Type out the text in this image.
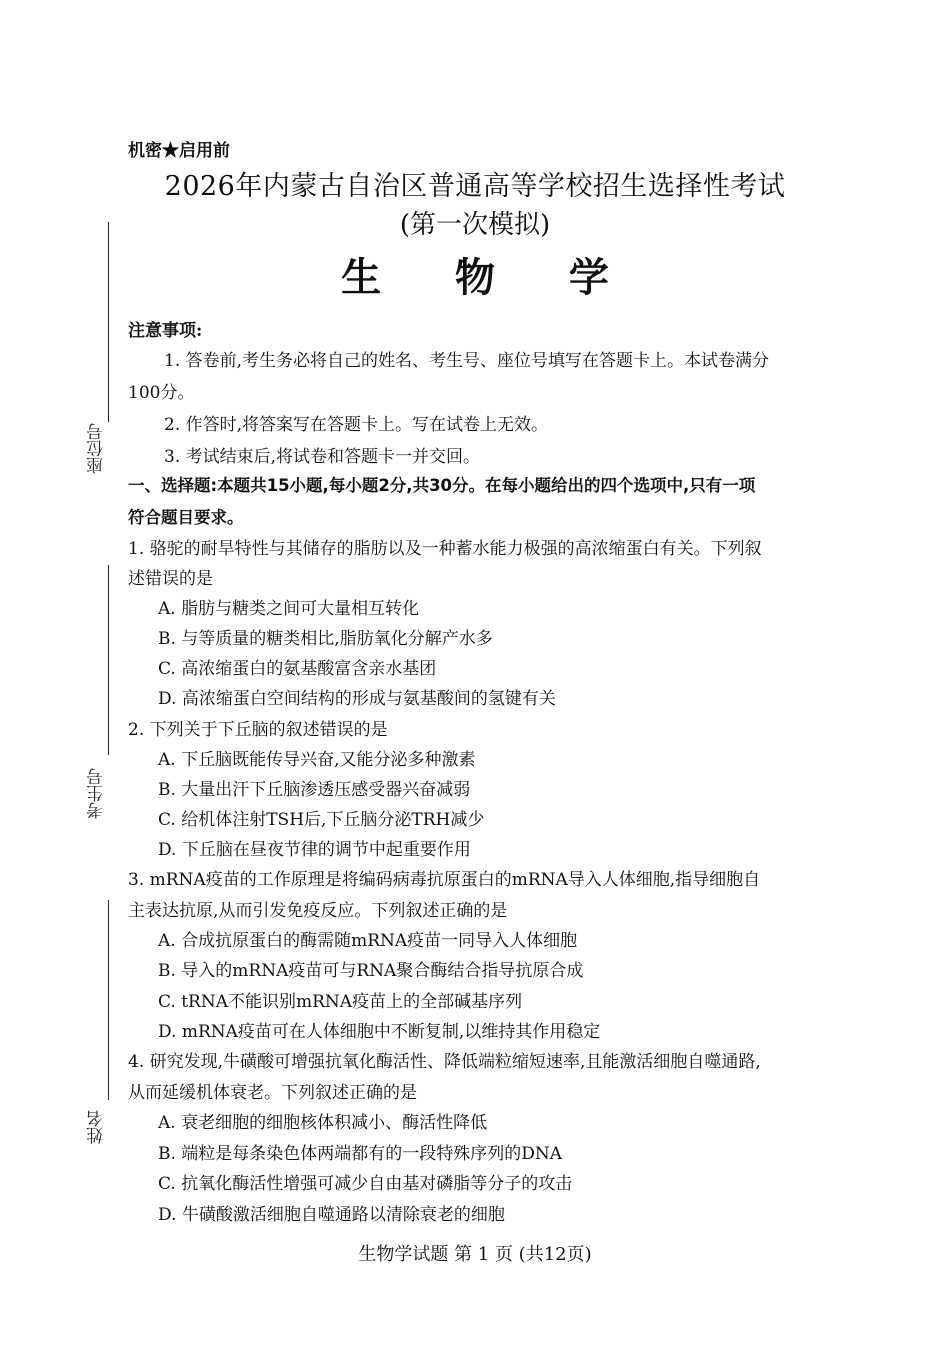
座位号
考生号
姓名
机密★启用前
2026年内蒙古自治区普通高等学校招生选择性考试
(第一次模拟)
生 物 学
注意事项:
1. 答卷前,考生务必将自己的姓名、考生号、座位号填写在答题卡上。本试卷满分
100分。
2. 作答时,将答案写在答题卡上。写在试卷上无效。
3. 考试结束后,将试卷和答题卡一并交回。
一、选择题:本题共15小题,每小题2分,共30分。在每小题给出的四个选项中,只有一项
符合题目要求。
1. 骆驼的耐旱特性与其储存的脂肪以及一种蓄水能力极强的高浓缩蛋白有关。下列叙
述错误的是
A. 脂肪与糖类之间可大量相互转化
B. 与等质量的糖类相比,脂肪氧化分解产水多
C. 高浓缩蛋白的氨基酸富含亲水基团
D. 高浓缩蛋白空间结构的形成与氨基酸间的氢键有关
2. 下列关于下丘脑的叙述错误的是
A. 下丘脑既能传导兴奋,又能分泌多种激素
B. 大量出汗下丘脑渗透压感受器兴奋减弱
C. 给机体注射TSH后,下丘脑分泌TRH减少
D. 下丘脑在昼夜节律的调节中起重要作用
3. mRNA疫苗的工作原理是将编码病毒抗原蛋白的mRNA导入人体细胞,指导细胞自
主表达抗原,从而引发免疫反应。下列叙述正确的是
A. 合成抗原蛋白的酶需随mRNA疫苗一同导入人体细胞
B. 导入的mRNA疫苗可与RNA聚合酶结合指导抗原合成
C. tRNA不能识别mRNA疫苗上的全部碱基序列
D. mRNA疫苗可在人体细胞中不断复制,以维持其作用稳定
4. 研究发现,牛磺酸可增强抗氧化酶活性、降低端粒缩短速率,且能激活细胞自噬通路,
从而延缓机体衰老。下列叙述正确的是
A. 衰老细胞的细胞核体积减小、酶活性降低
B. 端粒是每条染色体两端都有的一段特殊序列的DNA
C. 抗氧化酶活性增强可减少自由基对磷脂等分子的攻击
D. 牛磺酸激活细胞自噬通路以清除衰老的细胞
生物学试题 第 1 页 (共12页)
